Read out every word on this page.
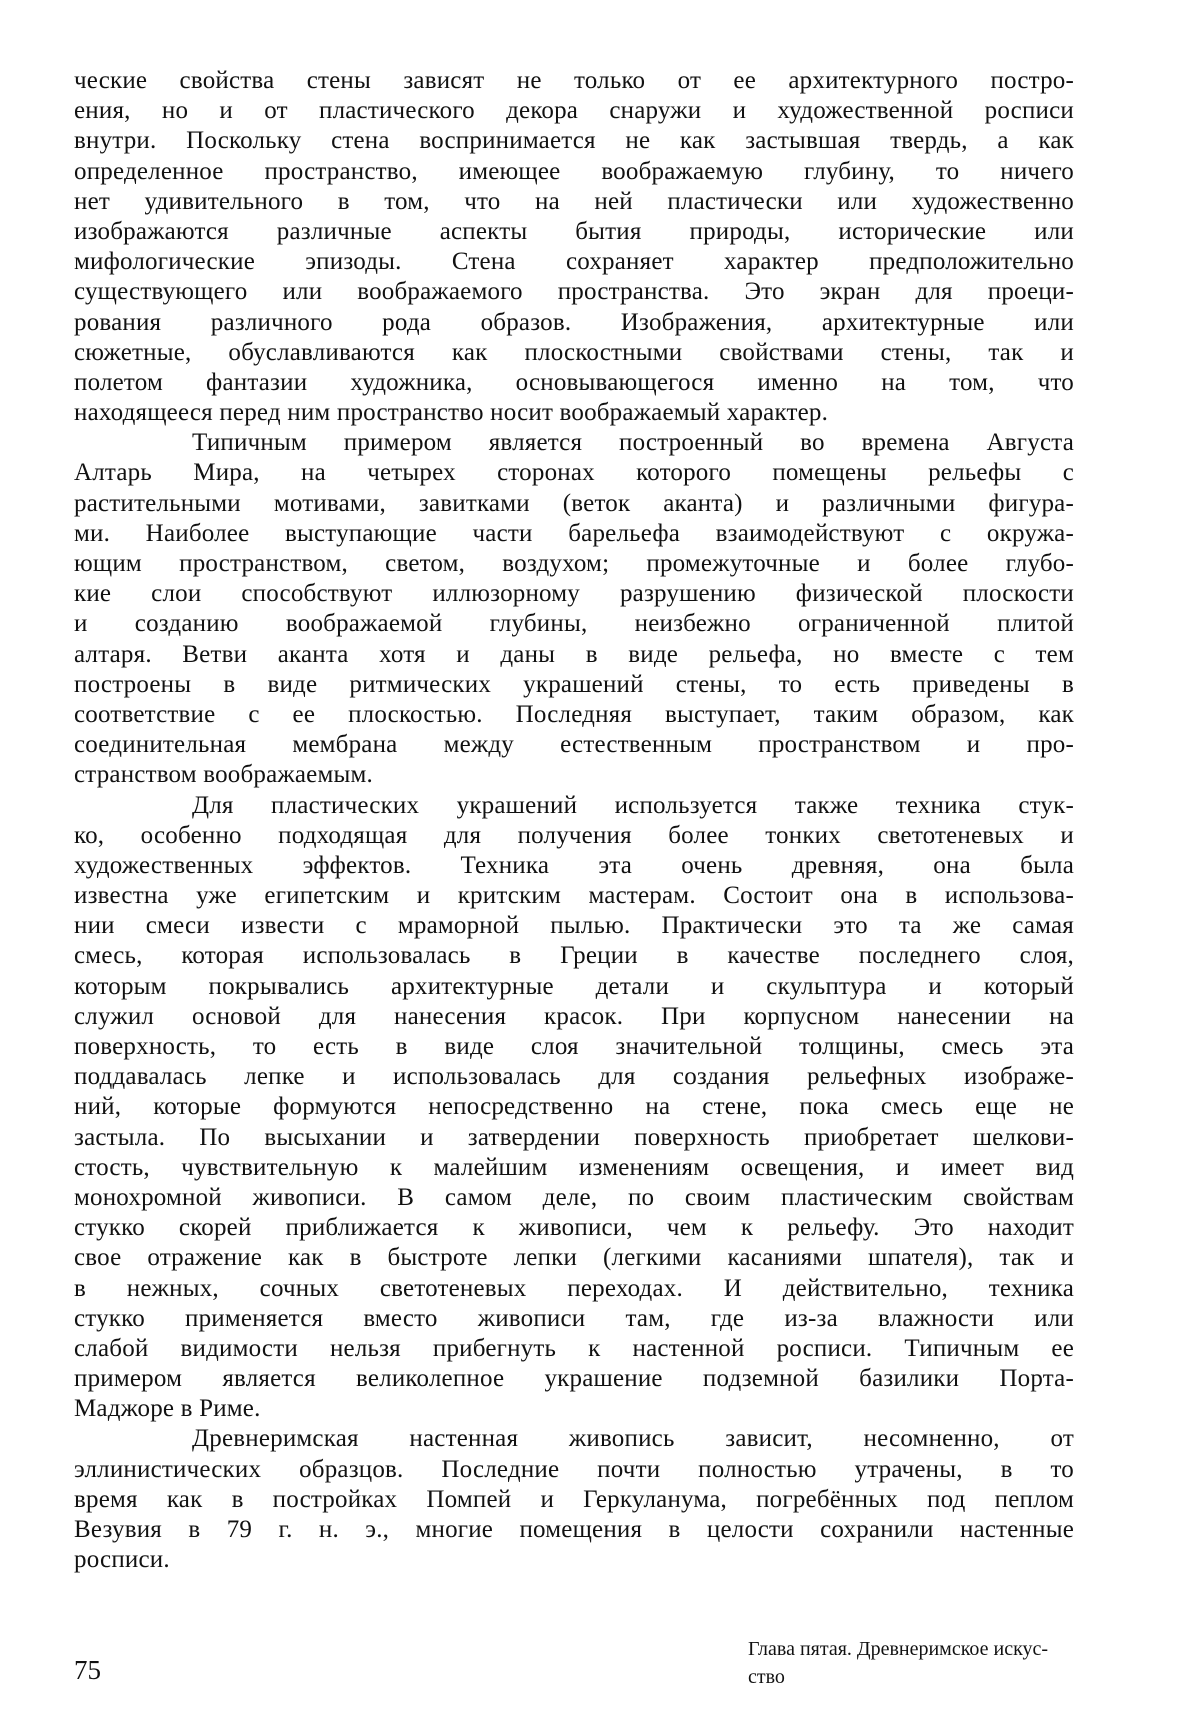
ческие свойства стены зависят не только от ее архитектурного постро-
ения, но и от пластического декора снаружи и художественной росписи
внутри. Поскольку стена воспринимается не как застывшая твердь, а как
определенное пространство, имеющее воображаемую глубину, то ничего
нет удивительного в том, что на ней пластически или художественно
изображаются различные аспекты бытия природы, исторические или
мифологические эпизоды. Стена сохраняет характер предположительно
существующего или воображаемого пространства. Это экран для проеци-
рования различного рода образов. Изображения, архитектурные или
сюжетные, обуславливаются как плоскостными свойствами стены, так и
полетом фантазии художника, основывающегося именно на том, что
находящееся перед ним пространство носит воображаемый характер.
Типичным примером является построенный во времена Августа
Алтарь Мира, на четырех сторонах которого помещены рельефы с
растительными мотивами, завитками (веток аканта) и различными фигура-
ми. Наиболее выступающие части барельефа взаимодействуют с окружа-
ющим пространством, светом, воздухом; промежуточные и более глубо-
кие слои способствуют иллюзорному разрушению физической плоскости
и созданию воображаемой глубины, неизбежно ограниченной плитой
алтаря. Ветви аканта хотя и даны в виде рельефа, но вместе с тем
построены в виде ритмических украшений стены, то есть приведены в
соответствие с ее плоскостью. Последняя выступает, таким образом, как
соединительная мембрана между естественным пространством и про-
странством воображаемым.
Для пластических украшений используется также техника стук-
ко, особенно подходящая для получения более тонких светотеневых и
художественных эффектов. Техника эта очень древняя, она была
известна уже египетским и критским мастерам. Состоит она в использова-
нии смеси извести с мраморной пылью. Практически это та же самая
смесь, которая использовалась в Греции в качестве последнего слоя,
которым покрывались архитектурные детали и скульптура и который
служил основой для нанесения красок. При корпусном нанесении на
поверхность, то есть в виде слоя значительной толщины, смесь эта
поддавалась лепке и использовалась для создания рельефных изображе-
ний, которые формуются непосредственно на стене, пока смесь еще не
застыла. По высыхании и затвердении поверхность приобретает шелкови-
стость, чувствительную к малейшим изменениям освещения, и имеет вид
монохромной живописи. В самом деле, по своим пластическим свойствам
стукко скорей приближается к живописи, чем к рельефу. Это находит
свое отражение как в быстроте лепки (легкими касаниями шпателя), так и
в нежных, сочных светотеневых переходах. И действительно, техника
стукко применяется вместо живописи там, где из-за влажности или
слабой видимости нельзя прибегнуть к настенной росписи. Типичным ее
примером является великолепное украшение подземной базилики Порта-
Маджоре в Риме.
Древнеримская настенная живопись зависит, несомненно, от
эллинистических образцов. Последние почти полностью утрачены, в то
время как в постройках Помпей и Геркуланума, погребённых под пеплом
Везувия в 79 г. н. э., многие помещения в целости сохранили настенные
росписи.
75
Глава пятая. Древнеримское искус-
ство
